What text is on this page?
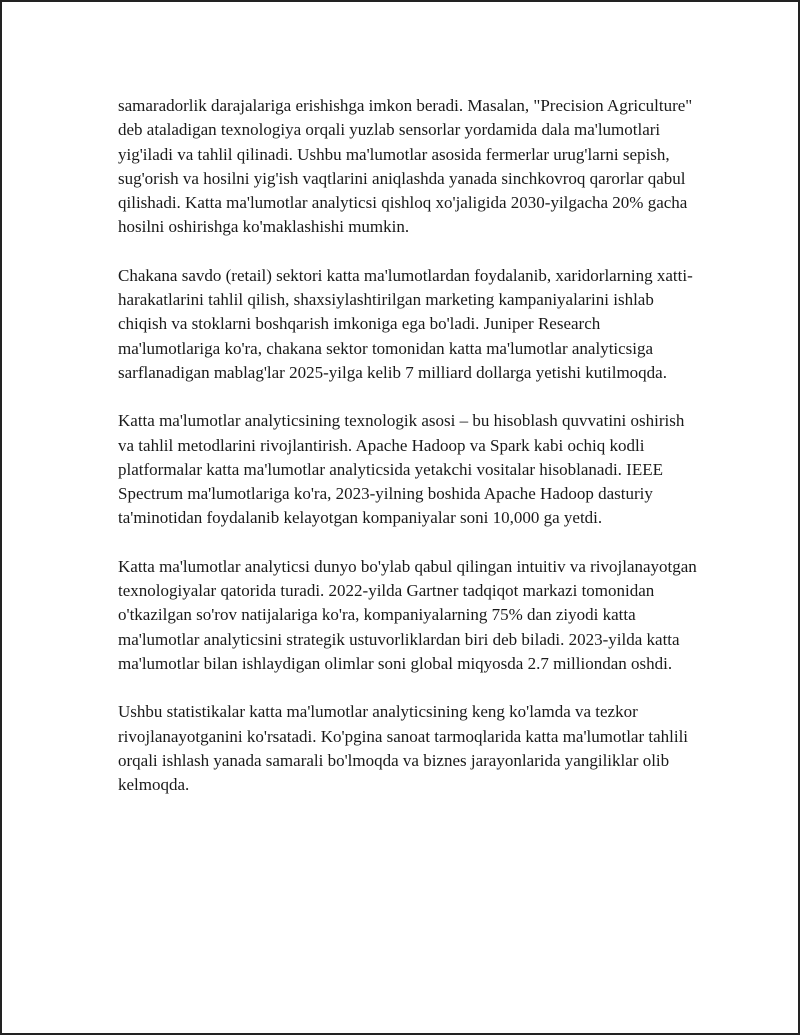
samaradorlik darajalariga erishishga imkon beradi. Masalan, "Precision Agriculture" deb ataladigan texnologiya orqali yuzlab sensorlar yordamida dala ma'lumotlari yig'iladi va tahlil qilinadi. Ushbu ma'lumotlar asosida fermerlar urug'larni sepish, sug'orish va hosilni yig'ish vaqtlarini aniqlashda yanada sinchkovroq qarorlar qabul qilishadi. Katta ma'lumotlar analyticsi qishloq xo'jaligida 2030-yilgacha 20% gacha hosilni oshirishga ko'maklashishi mumkin.

Chakana savdo (retail) sektori katta ma'lumotlardan foydalanib, xaridorlarning xatti-harakatlarini tahlil qilish, shaxsiylashtirilgan marketing kampaniyalarini ishlab chiqish va stoklarni boshqarish imkoniga ega bo'ladi. Juniper Research ma'lumotlariga ko'ra, chakana sektor tomonidan katta ma'lumotlar analyticsiga sarflanadigan mablag'lar 2025-yilga kelib 7 milliard dollarga yetishi kutilmoqda.

Katta ma'lumotlar analyticsining texnologik asosi – bu hisoblash quvvatini oshirish va tahlil metodlarini rivojlantirish. Apache Hadoop va Spark kabi ochiq kodli platformalar katta ma'lumotlar analyticsida yetakchi vositalar hisoblanadi. IEEE Spectrum ma'lumotlariga ko'ra, 2023-yilning boshida Apache Hadoop dasturiy ta'minotidan foydalanib kelayotgan kompaniyalar soni 10,000 ga yetdi.

Katta ma'lumotlar analyticsi dunyo bo'ylab qabul qilingan intuitiv va rivojlanayotgan texnologiyalar qatorida turadi. 2022-yilda Gartner tadqiqot markazi tomonidan o'tkazilgan so'rov natijalariga ko'ra, kompaniyalarning 75% dan ziyodi katta ma'lumotlar analyticsini strategik ustuvorliklardan biri deb biladi. 2023-yilda katta ma'lumotlar bilan ishlaydigan olimlar soni global miqyosda 2.7 milliondan oshdi.

Ushbu statistikalar katta ma'lumotlar analyticsining keng ko'lamda va tezkor rivojlanayotganini ko'rsatadi. Ko'pgina sanoat tarmoqlarida katta ma'lumotlar tahlili orqali ishlash yanada samarali bo'lmoqda va biznes jarayonlarida yangiliklar olib kelmoqda.
